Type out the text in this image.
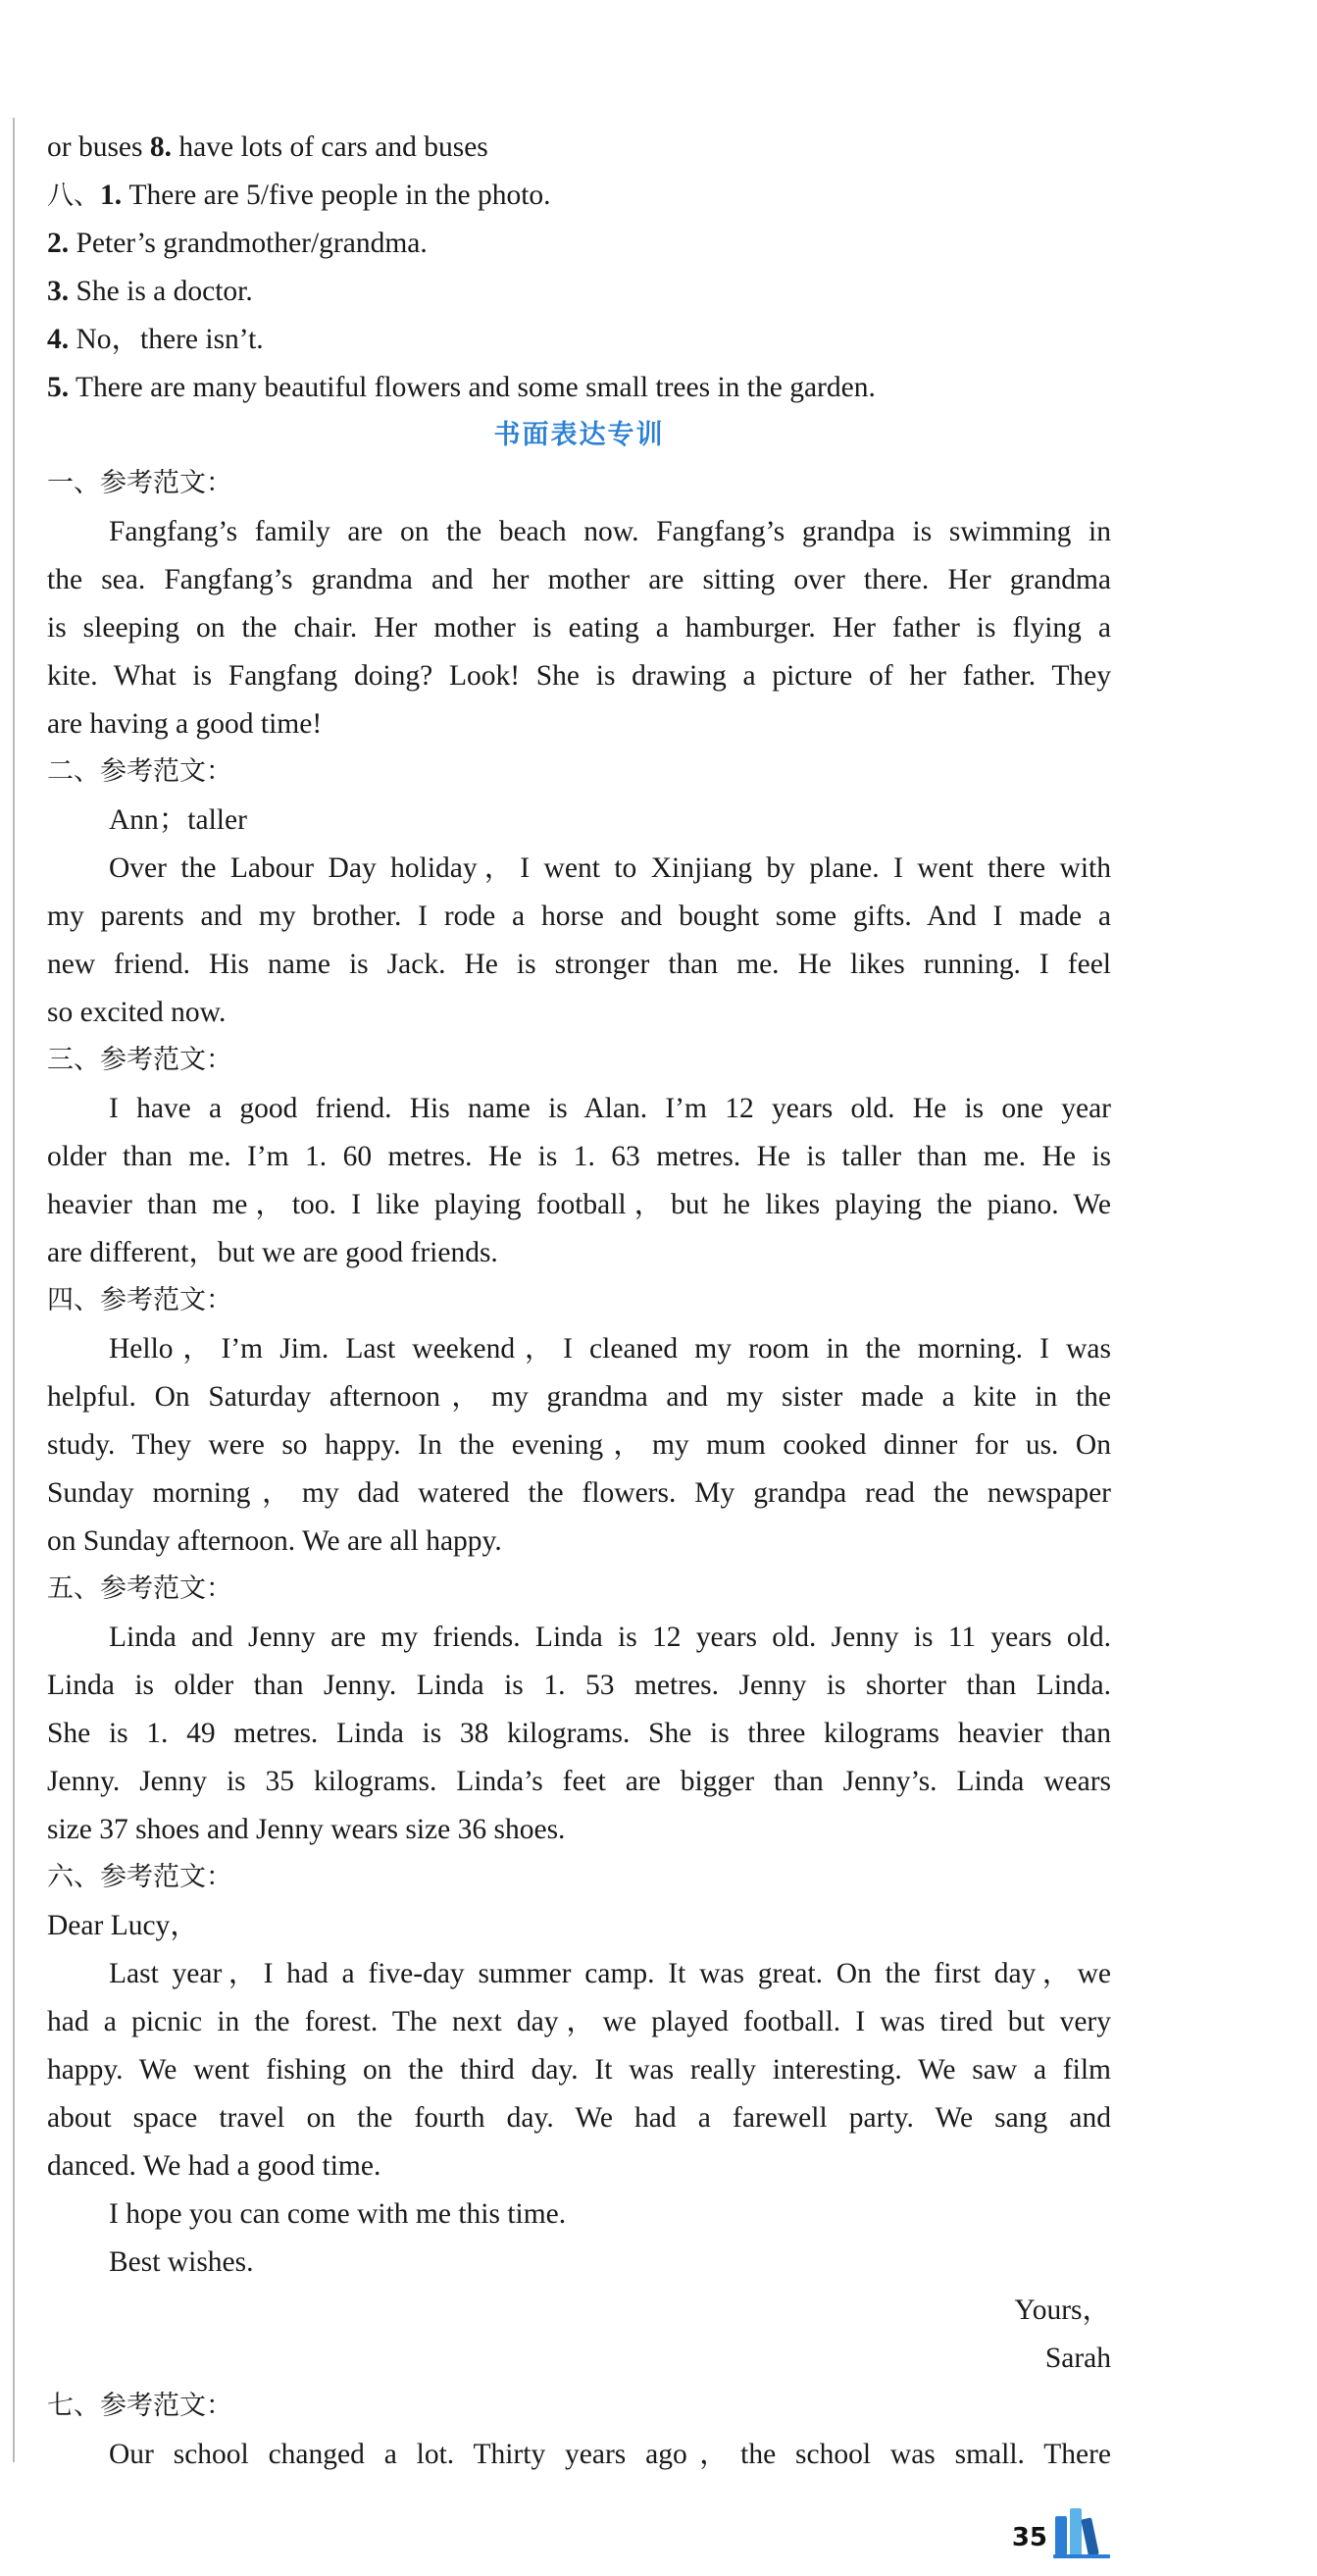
or buses 8. have lots of cars and buses
八、1. There are 5/five people in the photo.
2. Peter’s grandmother/grandma.
3. She is a doctor.
4. No，there isn’t.
5. There are many beautiful flowers and some small trees in the garden.
书面表达专训
一、参考范文：
Fangfang’s family are on the beach now. Fangfang’s grandpa is swimming in
the sea. Fangfang’s grandma and her mother are sitting over there. Her grandma
is sleeping on the chair. Her mother is eating a hamburger. Her father is flying a
kite. What is Fangfang doing? Look! She is drawing a picture of her father. They
are having a good time!
二、参考范文：
Ann；taller
Over the Labour Day holiday，I went to Xinjiang by plane. I went there with
my parents and my brother. I rode a horse and bought some gifts. And I made a
new friend. His name is Jack. He is stronger than me. He likes running. I feel
so excited now.
三、参考范文：
I have a good friend. His name is Alan. I’m 12 years old. He is one year
older than me. I’m 1. 60 metres. He is 1. 63 metres. He is taller than me. He is
heavier than me，too. I like playing football，but he likes playing the piano. We
are different，but we are good friends.
四、参考范文：
Hello，I’m Jim. Last weekend，I cleaned my room in the morning. I was
helpful. On Saturday afternoon，my grandma and my sister made a kite in the
study. They were so happy. In the evening，my mum cooked dinner for us. On
Sunday morning，my dad watered the flowers. My grandpa read the newspaper
on Sunday afternoon. We are all happy.
五、参考范文：
Linda and Jenny are my friends. Linda is 12 years old. Jenny is 11 years old.
Linda is older than Jenny. Linda is 1. 53 metres. Jenny is shorter than Linda.
She is 1. 49 metres. Linda is 38 kilograms. She is three kilograms heavier than
Jenny. Jenny is 35 kilograms. Linda’s feet are bigger than Jenny’s. Linda wears
size 37 shoes and Jenny wears size 36 shoes.
六、参考范文：
Dear Lucy，
Last year，I had a five-day summer camp. It was great. On the first day，we
had a picnic in the forest. The next day，we played football. I was tired but very
happy. We went fishing on the third day. It was really interesting. We saw a film
about space travel on the fourth day. We had a farewell party. We sang and
danced. We had a good time.
I hope you can come with me this time.
Best wishes.
Yours，
Sarah
七、参考范文：
Our school changed a lot. Thirty years ago，the school was small. There
35
